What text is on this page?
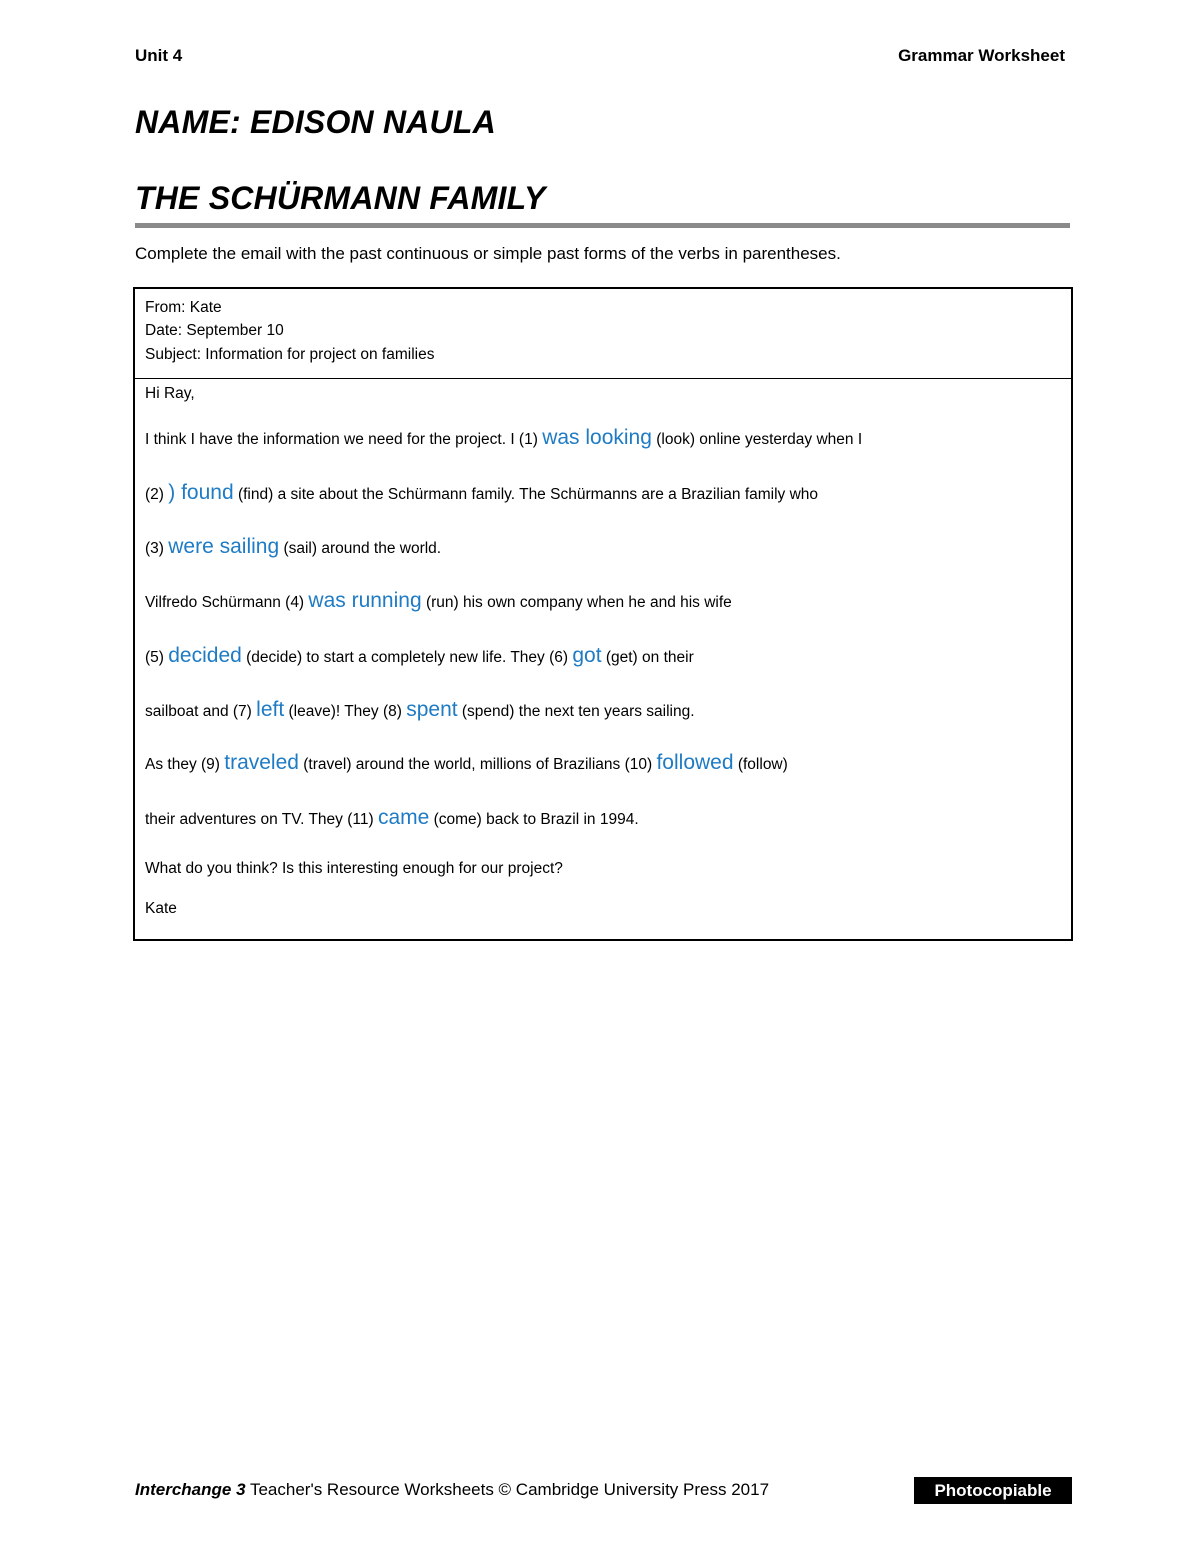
Unit 4	Grammar Worksheet
NAME: EDISON NAULA
THE SCHÜRMANN FAMILY
Complete the email with the past continuous or simple past forms of the verbs in parentheses.
From: Kate
Date: September 10
Subject: Information for project on families
Hi Ray,
I think I have the information we need for the project. I (1) was looking (look) online yesterday when I
(2) ) found (find) a site about the Schürmann family. The Schürmanns are a Brazilian family who
(3) were sailing (sail) around the world.
Vilfredo Schürmann (4) was running (run) his own company when he and his wife
(5) decided (decide) to start a completely new life. They (6) got (get) on their
sailboat and (7) left (leave)! They (8) spent (spend) the next ten years sailing.
As they (9) traveled (travel) around the world, millions of Brazilians (10) followed (follow)
their adventures on TV. They (11) came (come) back to Brazil in 1994.
What do you think? Is this interesting enough for our project?
Kate
Interchange 3 Teacher's Resource Worksheets © Cambridge University Press 2017	Photocopiable
